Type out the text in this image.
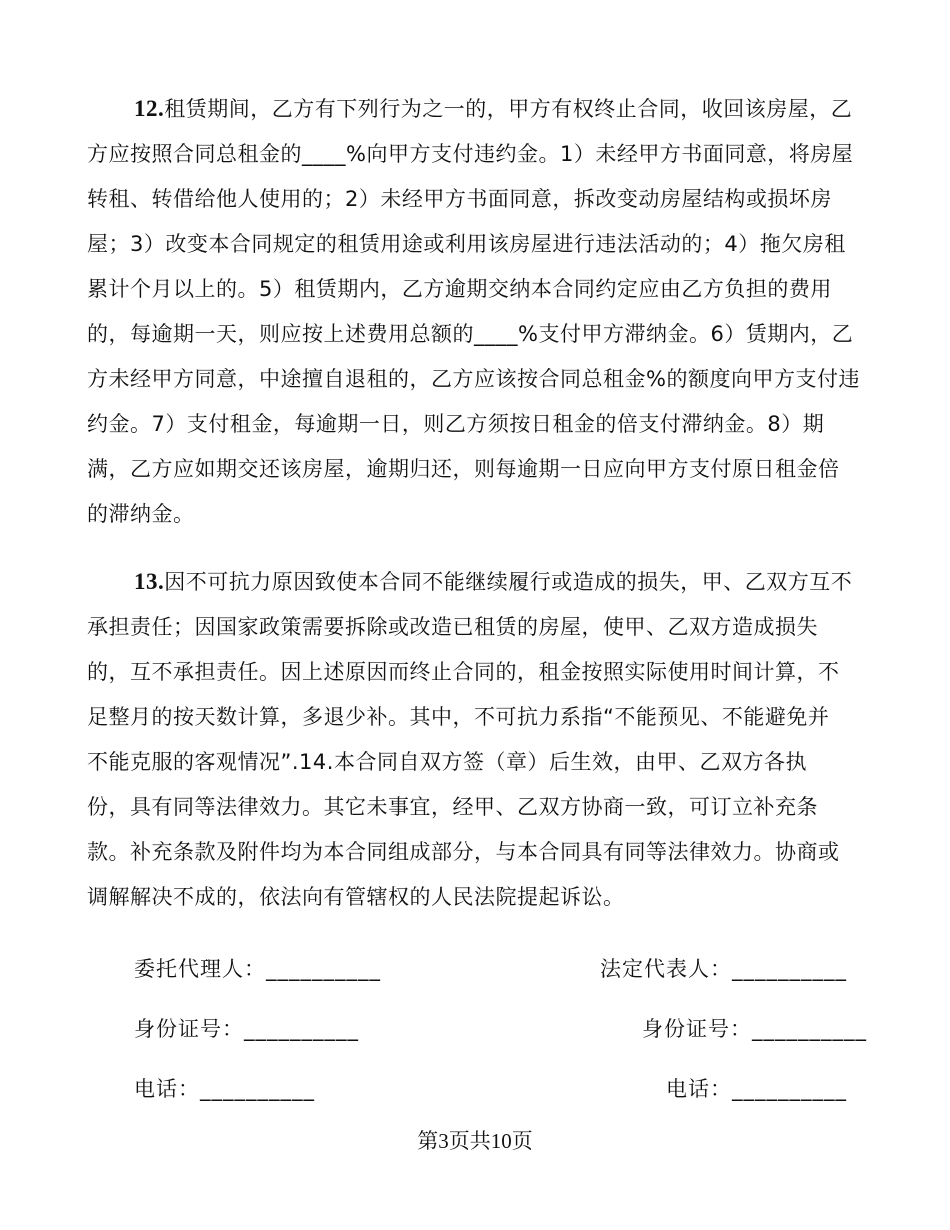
12.租赁期间，乙方有下列行为之一的，甲方有权终止合同，收回该房屋，乙
方应按照合同总租金的____%向甲方支付违约金。1）未经甲方书面同意，将房屋
转租、转借给他人使用的；2）未经甲方书面同意，拆改变动房屋结构或损坏房
屋；3）改变本合同规定的租赁用途或利用该房屋进行违法活动的；4）拖欠房租
累计个月以上的。5）租赁期内，乙方逾期交纳本合同约定应由乙方负担的费用
的，每逾期一天，则应按上述费用总额的____%支付甲方滞纳金。6）赁期内，乙
方未经甲方同意，中途擅自退租的，乙方应该按合同总租金%的额度向甲方支付违
约金。7）支付租金，每逾期一日，则乙方须按日租金的倍支付滞纳金。8）期
满，乙方应如期交还该房屋，逾期归还，则每逾期一日应向甲方支付原日租金倍
的滞纳金。
13.因不可抗力原因致使本合同不能继续履行或造成的损失，甲、乙双方互不
承担责任；因国家政策需要拆除或改造已租赁的房屋，使甲、乙双方造成损失
的，互不承担责任。因上述原因而终止合同的，租金按照实际使用时间计算，不
足整月的按天数计算，多退少补。其中，不可抗力系指“不能预见、不能避免并
不能克服的客观情况”.14.本合同自双方签（章）后生效，由甲、乙双方各执
份，具有同等法律效力。其它未事宜，经甲、乙双方协商一致，可订立补充条
款。补充条款及附件均为本合同组成部分，与本合同具有同等法律效力。协商或
调解解决不成的，依法向有管辖权的人民法院提起诉讼。
委托代理人：__________	法定代表人：__________
身份证号：__________	身份证号：__________
电话：__________	电话：__________
第3页共10页
